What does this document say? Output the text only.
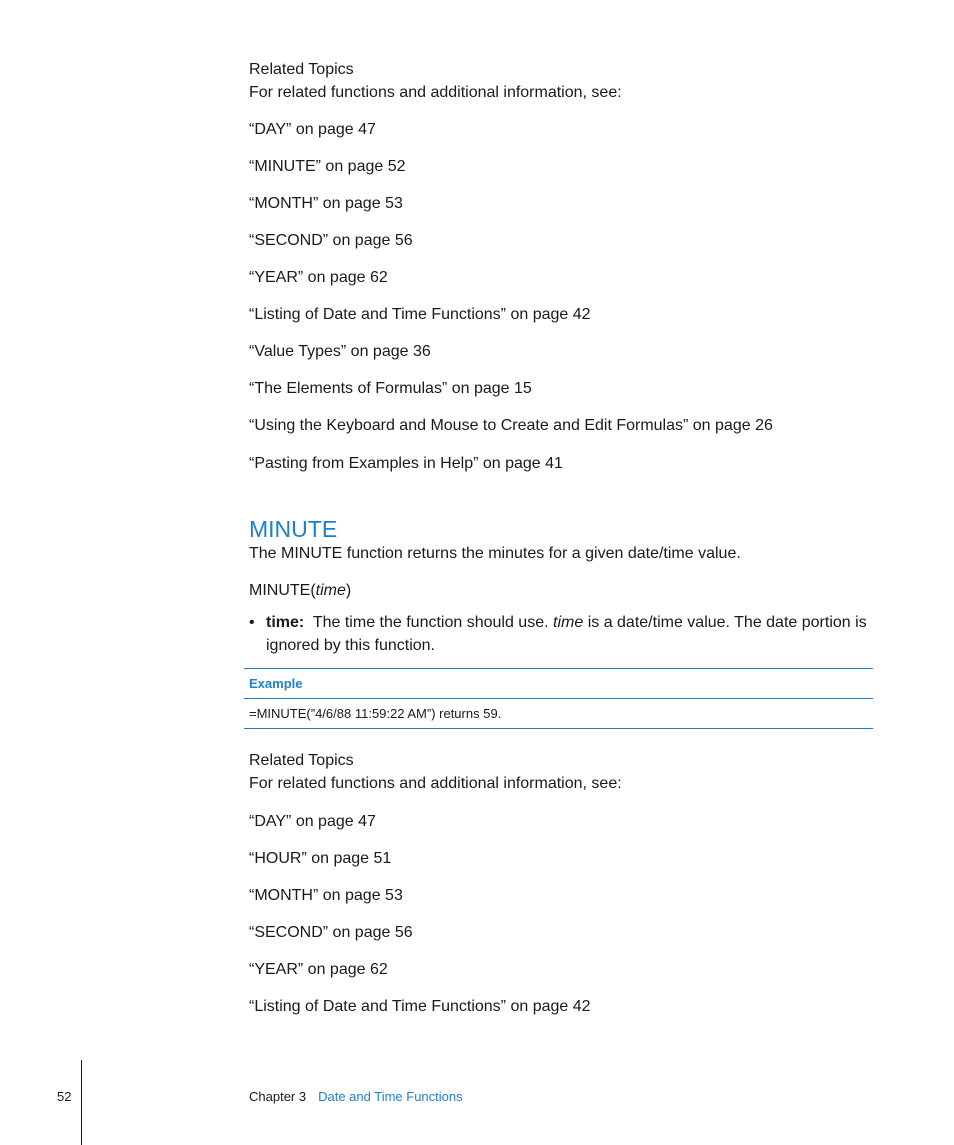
Related Topics
For related functions and additional information, see:
“DAY” on page 47
“MINUTE” on page 52
“MONTH” on page 53
“SECOND” on page 56
“YEAR” on page 62
“Listing of Date and Time Functions” on page 42
“Value Types” on page 36
“The Elements of Formulas” on page 15
“Using the Keyboard and Mouse to Create and Edit Formulas” on page 26
“Pasting from Examples in Help” on page 41
MINUTE
The MINUTE function returns the minutes for a given date/time value.
MINUTE(time)
• time: The time the function should use. time is a date/time value. The date portion is ignored by this function.
Example
=MINUTE(”4/6/88 11:59:22 AM”) returns 59.
Related Topics
For related functions and additional information, see:
“DAY” on page 47
“HOUR” on page 51
“MONTH” on page 53
“SECOND” on page 56
“YEAR” on page 62
“Listing of Date and Time Functions” on page 42
52	Chapter 3 Date and Time Functions
